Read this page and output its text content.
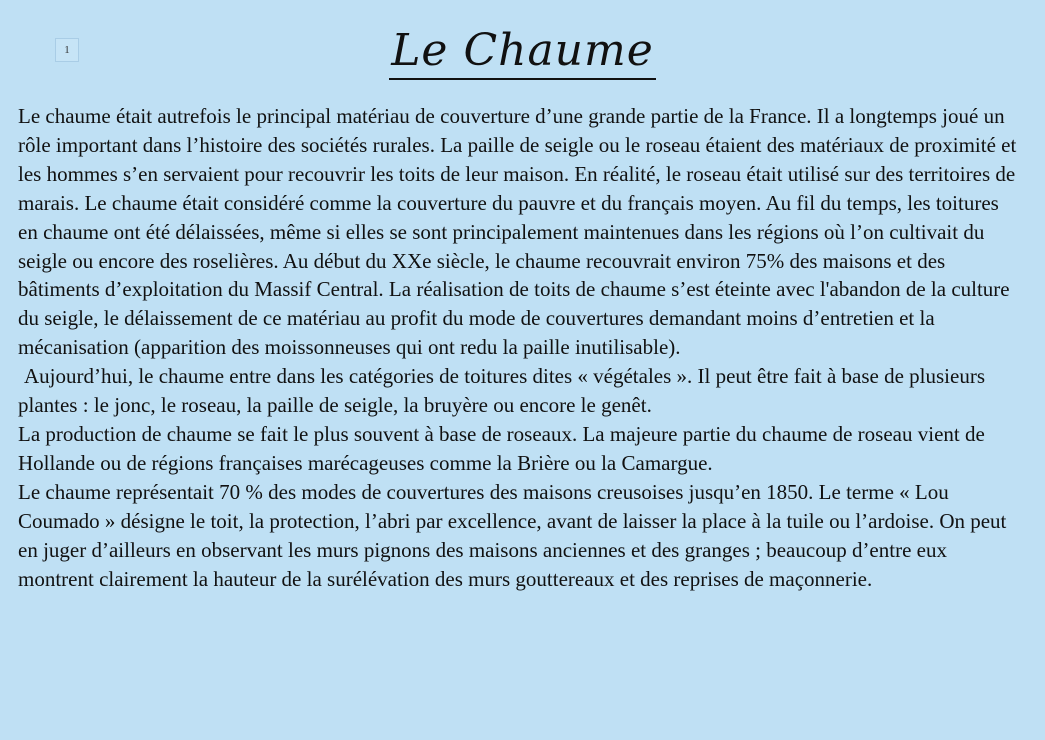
1	Le Chaume

Le chaume était autrefois le principal matériau de couverture d’une grande partie de la France. Il a longtemps joué un rôle important dans l’histoire des sociétés rurales. La paille de seigle ou le roseau étaient des matériaux de proximité et les hommes s’en servaient pour recouvrir les toits de leur maison. En réalité, le roseau était utilisé sur des territoires de marais. Le chaume était considéré comme la couverture du pauvre et du français moyen. Au fil du temps, les toitures en chaume ont été délaissées, même si elles se sont principalement maintenues dans les régions où l’on cultivait du seigle ou encore des roselières. Au début du XXe siècle, le chaume recouvrait environ 75% des maisons et des bâtiments d’exploitation du Massif Central. La réalisation de toits de chaume s’est éteinte avec l'abandon de la culture du seigle, le délaissement de ce matériau au profit du mode de couvertures demandant moins d’entretien et la mécanisation (apparition des moissonneuses qui ont redu la paille inutilisable).

Aujourd’hui, le chaume entre dans les catégories de toitures dites « végétales ». Il peut être fait à base de plusieurs plantes : le jonc, le roseau, la paille de seigle, la bruyère ou encore le genêt.

La production de chaume se fait le plus souvent à base de roseaux. La majeure partie du chaume de roseau vient de Hollande ou de régions françaises marécageuses comme la Brière ou la Camargue.

Le chaume représentait 70 % des modes de couvertures des maisons creusoises jusqu’en 1850. Le terme « Lou Coumado » désigne le toit, la protection, l’abri par excellence, avant de laisser la place à la tuile ou l’ardoise. On peut en juger d’ailleurs en observant les murs pignons des maisons anciennes et des granges ; beaucoup d’entre eux montrent clairement la hauteur de la surélévation des murs gouttereaux et des reprises de maçonnerie.
